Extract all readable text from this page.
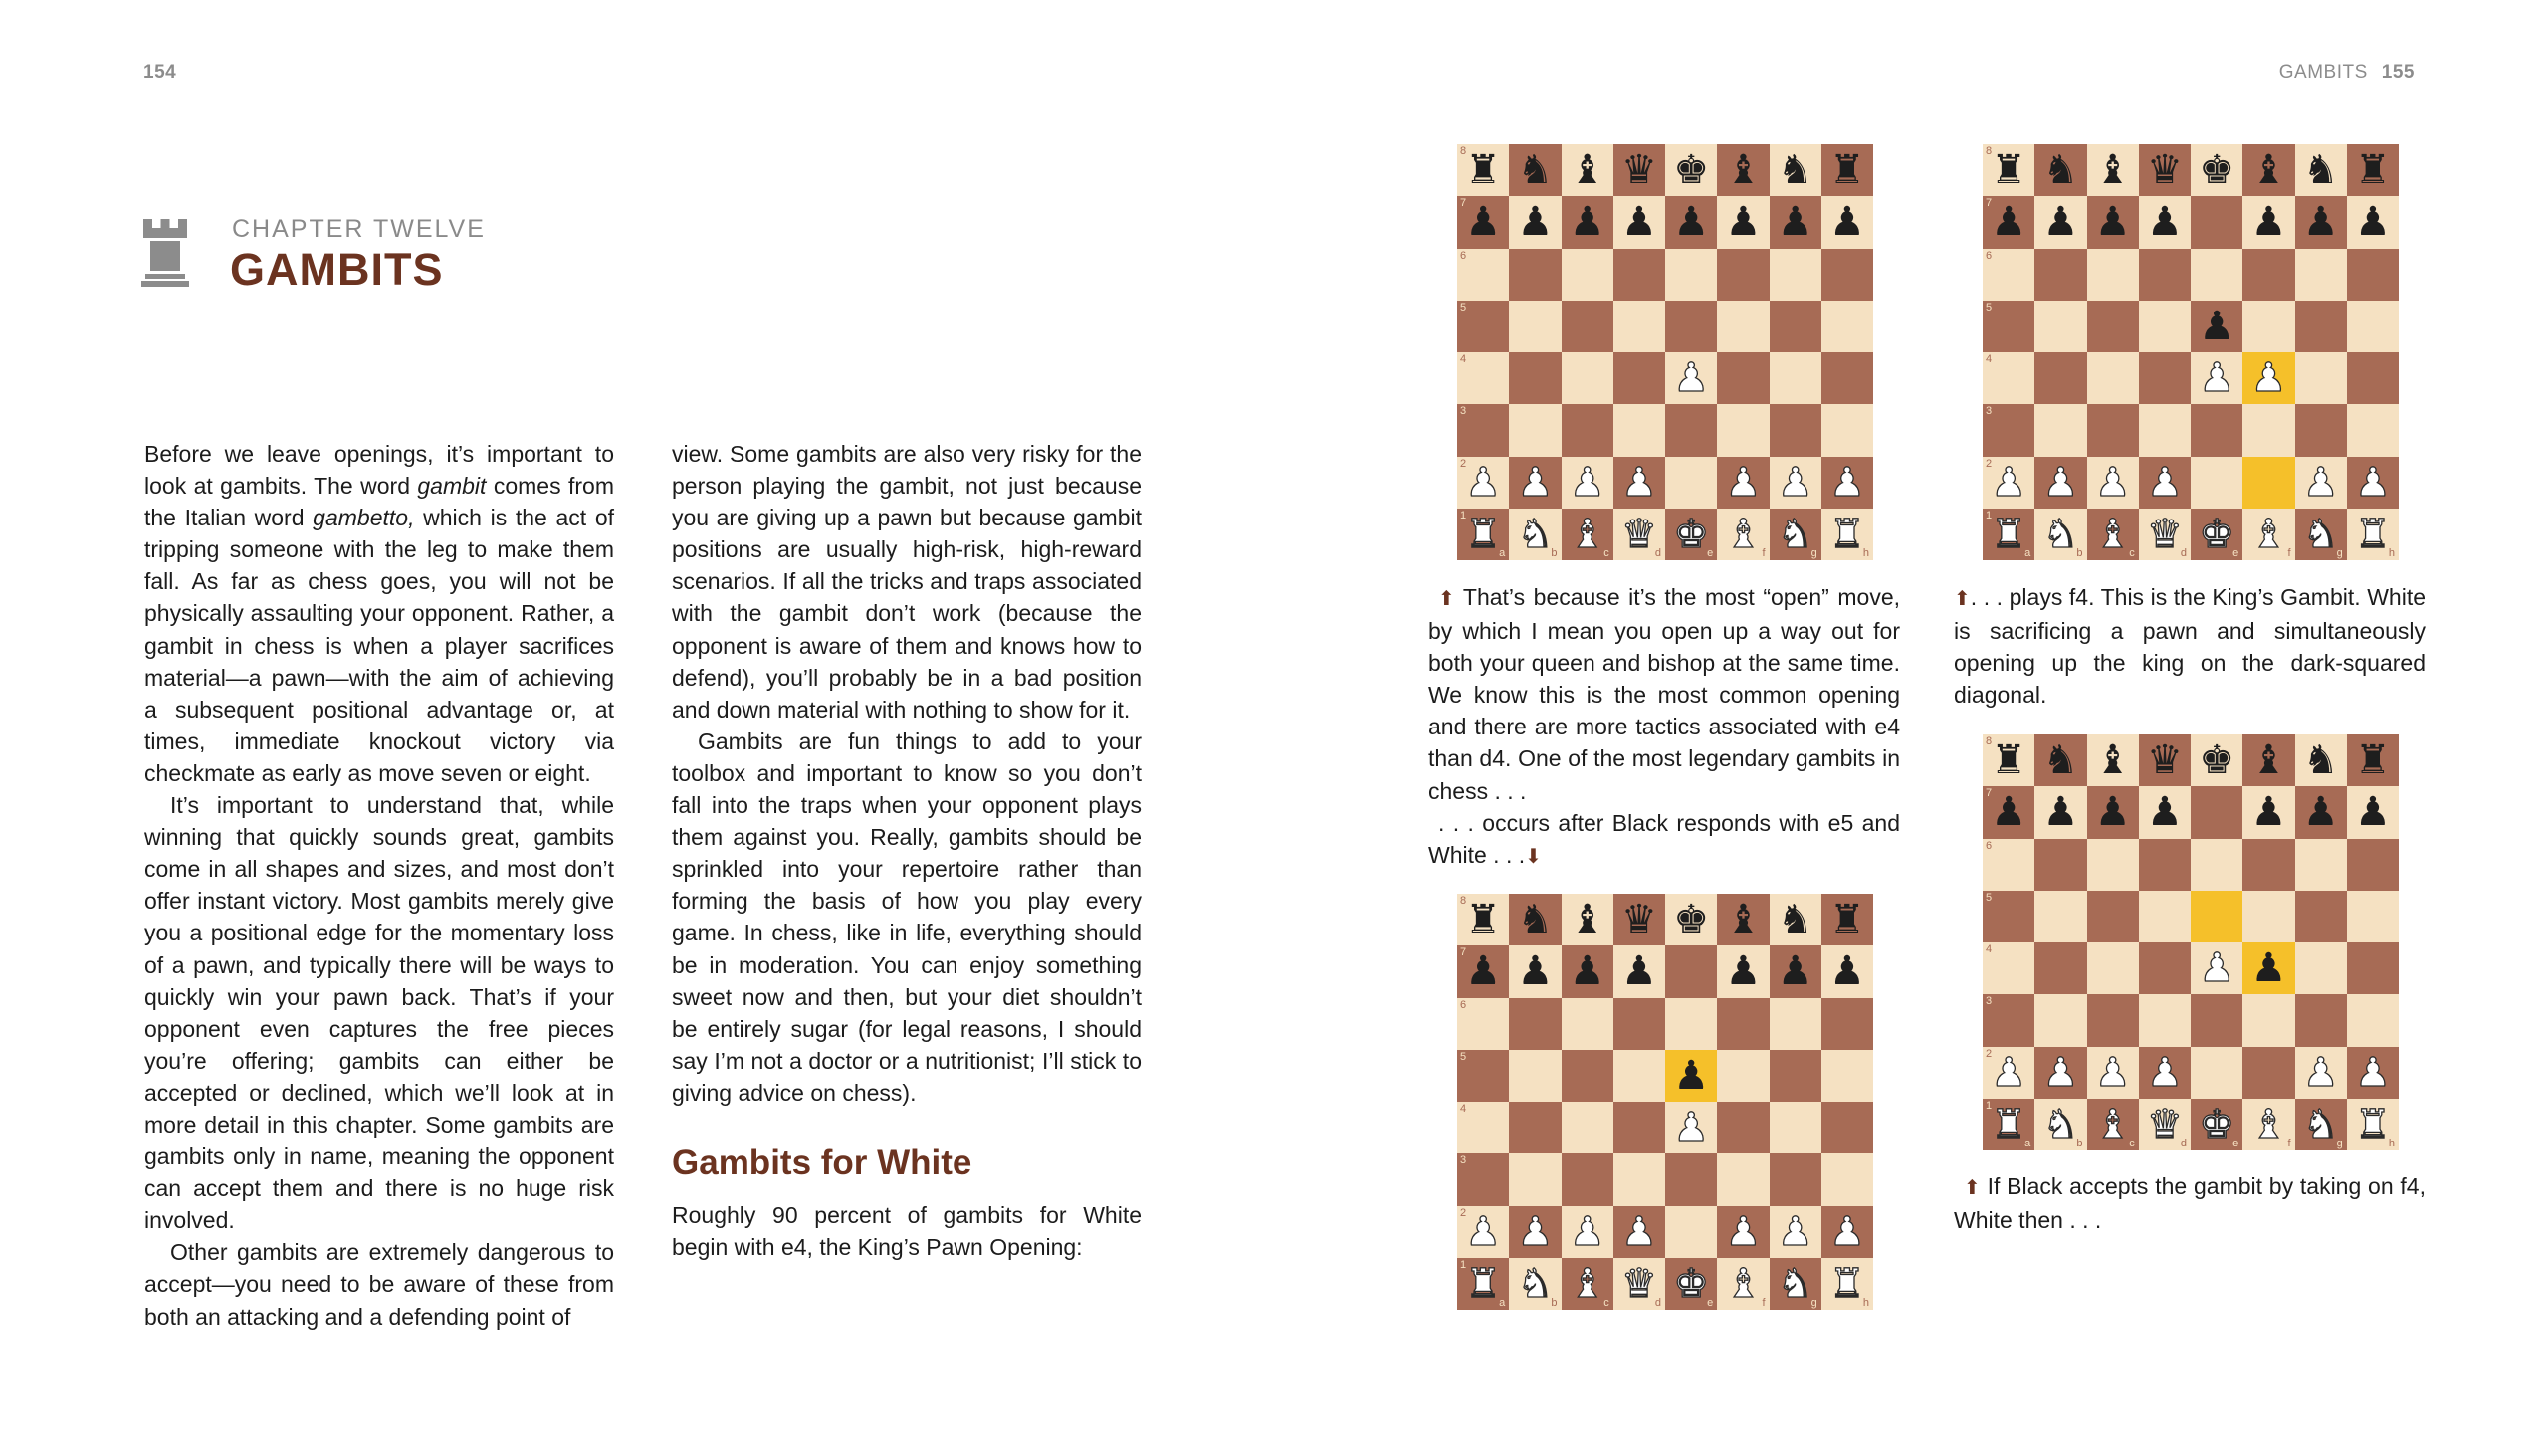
154	GAMBITS 155
CHAPTER TWELVE
GAMBITS

Before we leave openings, it’s important to look at gambits. The word gambit comes from the Italian word gambetto, which is the act of tripping someone with the leg to make them fall. As far as chess goes, you will not be physically assaulting your opponent. Rather, a gambit in chess is when a player sacrifices material—a pawn—with the aim of achieving a subsequent positional advantage or, at times, immediate knockout victory via checkmate as early as move seven or eight.

It’s important to understand that, while winning that quickly sounds great, gambits come in all shapes and sizes, and most don’t offer instant victory. Most gambits merely give you a positional edge for the momentary loss of a pawn, and typically there will be ways to quickly win your pawn back. That’s if your opponent even captures the free pieces you’re offering; gambits can either be accepted or declined, which we’ll look at in more detail in this chapter. Some gambits are gambits only in name, meaning the opponent can accept them and there is no huge risk involved.

Other gambits are extremely dangerous to accept—you need to be aware of these from both an attacking and a defending point of

view. Some gambits are also very risky for the person playing the gambit, not just because you are giving up a pawn but because gambit positions are usually high-risk, high-reward scenarios. If all the tricks and traps associated with the gambit don’t work (because the opponent is aware of them and knows how to defend), you’ll probably be in a bad position and down material with nothing to show for it.

Gambits are fun things to add to your toolbox and important to know so you don’t fall into the traps when your opponent plays them against you. Really, gambits should be sprinkled into your repertoire rather than forming the basis of how you play every game. In chess, like in life, everything should be in moderation. You can enjoy something sweet now and then, but your diet shouldn’t be entirely sugar (for legal reasons, I should say I’m not a doctor or a nutritionist; I’ll stick to giving advice on chess).

Gambits for White

Roughly 90 percent of gambits for White begin with e4, the King’s Pawn Opening:

♜
8 ♞ ♝ ♛ ♚ ♝ ♞ ♜
♟
7 ♟ ♟ ♟ ♟ ♟ ♟ ♟
6
5
4	♟
3
♟
2 ♟ ♟ ♟ ♟ ♟ ♟
♜
1
a ♞
b ♝
c ♛
d ♚
e ♝ f ♞
g ♜
h
♜
8 ♞ ♝ ♛ ♚ ♝ ♞ ♜
♟
7 ♟ ♟ ♟ ♟ ♟ ♟
6
5	♟
4	♟
3
♟
2 ♟ ♟ ♟ ♟ ♟ ♟
♜
1
a ♞
b ♝
c ♛
d ♚
e ♝ f ♞
g ♜
h
♜
8 ♞ ♝ ♛ ♚ ♝ ♞ ♜
♟
7 ♟ ♟ ♟ ♟ ♟ ♟
6
5	♟
4	♟ ♟
3
♟
2 ♟ ♟ ♟	♟ ♟
♜
1
a ♞
b ♝
c ♛
d ♚
e ♝ f ♞
g ♜
h
♜
8 ♞ ♝ ♛ ♚ ♝ ♞ ♜
♟
7 ♟ ♟ ♟ ♟ ♟ ♟
6
5
4	♟ ♟
3
♟
2 ♟ ♟ ♟	♟ ♟
♜
1
a ♞
b ♝
c ♛
d ♚
e ♝ f ♞
g ♜
h

⬆ That’s because it’s the most “open” move, by which I mean you open up a way out for both your queen and bishop at the same time. We know this is the most common opening and there are more tactics associated with e4 than d4. One of the most legendary gambits in chess . . .

. . . occurs after Black responds with e5 and White . . .⬇

⬆. . . plays f4. This is the King’s Gambit. White is sacrificing a pawn and simultaneously opening up the king on the dark-squared diagonal.

⬆ If Black accepts the gambit by taking on f4, White then . . .
